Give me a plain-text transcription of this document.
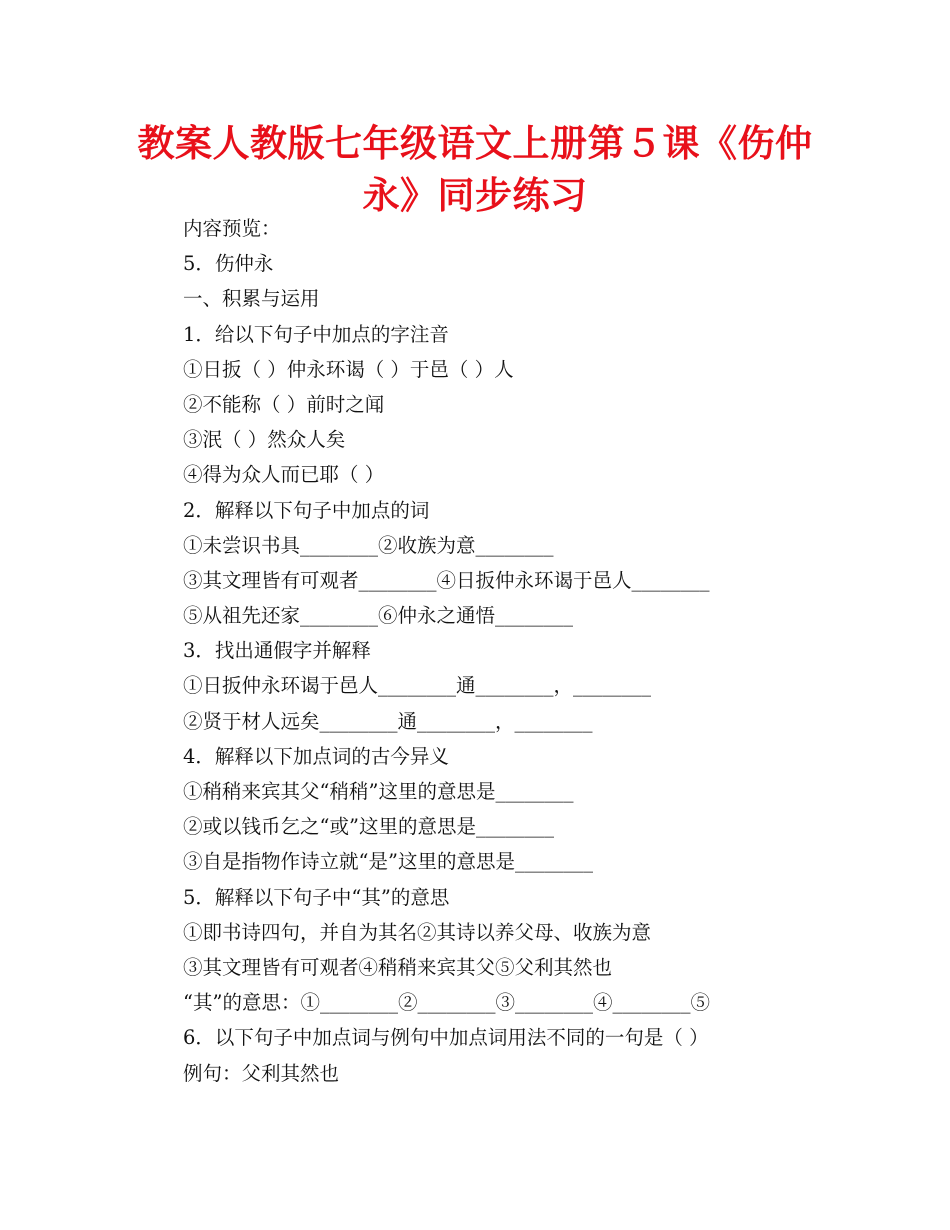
教案人教版七年级语文上册第５课《伤仲
永》同步练习
内容预览：
5．伤仲永
一、积累与运用
1．给以下句子中加点的字注音
①日扳（ ）仲永环谒（ ）于邑（ ）人
②不能称（ ）前时之闻
③泯（ ）然众人矣
④得为众人而已耶（ ）
2．解释以下句子中加点的词
①未尝识书具________②收族为意________
③其文理皆有可观者________④日扳仲永环谒于邑人________
⑤从祖先还家________⑥仲永之通悟________
3．找出通假字并解释
①日扳仲永环谒于邑人________通________，________
②贤于材人远矣________通________，________
4．解释以下加点词的古今异义
①稍稍来宾其父“稍稍”这里的意思是________
②或以钱币乞之“或”这里的意思是________
③自是指物作诗立就“是”这里的意思是________
5．解释以下句子中“其”的意思
①即书诗四句，并自为其名②其诗以养父母、收族为意
③其文理皆有可观者④稍稍来宾其父⑤父利其然也
“其”的意思：①________②________③________④________⑤
6．以下句子中加点词与例句中加点词用法不同的一句是（ ）
例句：父利其然也
